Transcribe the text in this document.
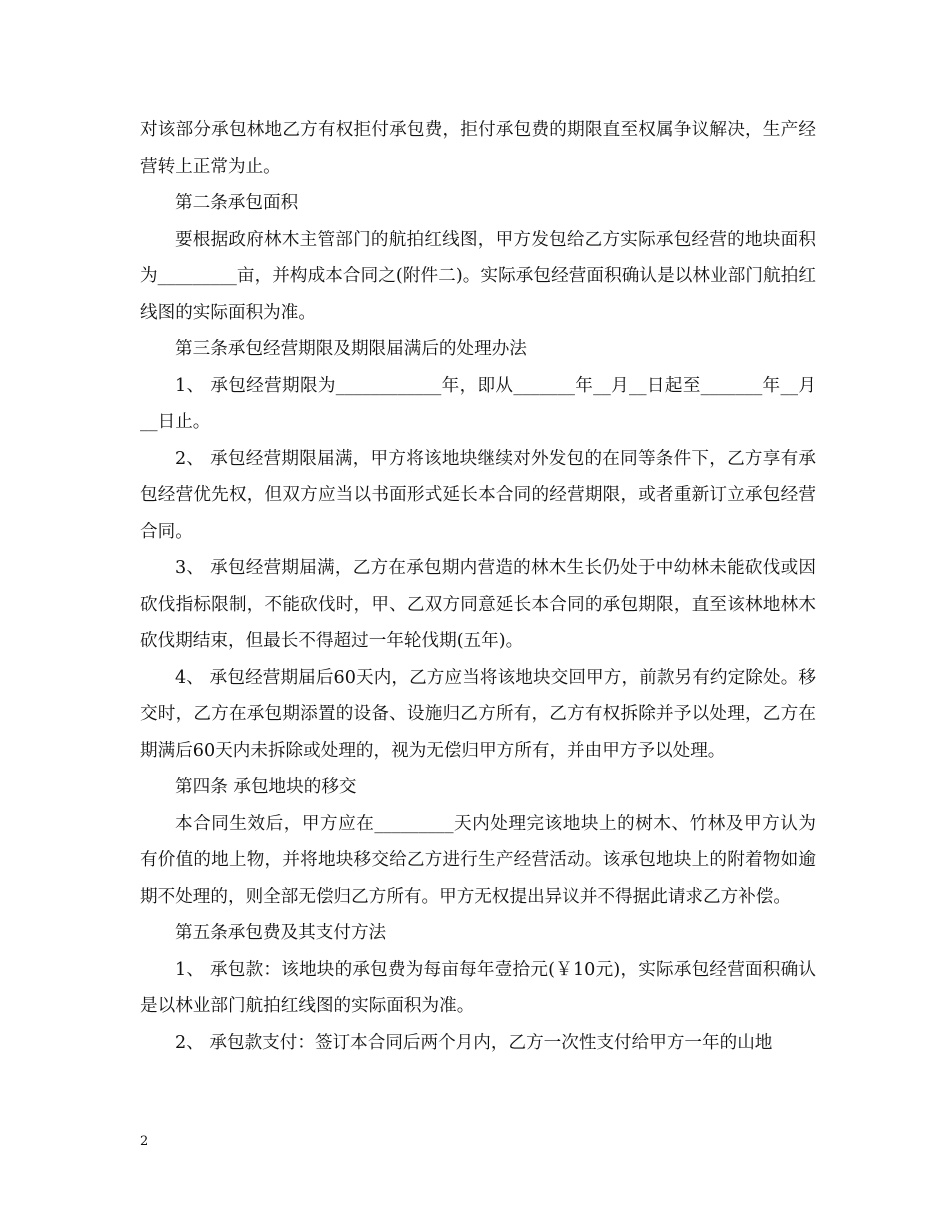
对该部分承包林地乙方有权拒付承包费，拒付承包费的期限直至权属争议解决，生产经营转上正常为止。

第二条承包面积

要根据政府林木主管部门的航拍红线图，甲方发包给乙方实际承包经营的地块面积为_________亩，并构成本合同之(附件二)。实际承包经营面积确认是以林业部门航拍红线图的实际面积为准。

第三条承包经营期限及期限届满后的处理办法

1、 承包经营期限为____________年，即从_______年__月__日起至_______年__月__日止。

2、 承包经营期限届满，甲方将该地块继续对外发包的在同等条件下，乙方享有承包经营优先权，但双方应当以书面形式延长本合同的经营期限，或者重新订立承包经营合同。

3、 承包经营期届满，乙方在承包期内营造的林木生长仍处于中幼林未能砍伐或因砍伐指标限制，不能砍伐时，甲、乙双方同意延长本合同的承包期限，直至该林地林木砍伐期结束，但最长不得超过一年轮伐期(五年)。

4、 承包经营期届后60天内，乙方应当将该地块交回甲方，前款另有约定除处。移交时，乙方在承包期添置的设备、设施归乙方所有，乙方有权拆除并予以处理，乙方在期满后60天内未拆除或处理的，视为无偿归甲方所有，并由甲方予以处理。

第四条 承包地块的移交

本合同生效后，甲方应在_________天内处理完该地块上的树木、竹林及甲方认为有价值的地上物，并将地块移交给乙方进行生产经营活动。该承包地块上的附着物如逾期不处理的，则全部无偿归乙方所有。甲方无权提出异议并不得据此请求乙方补偿。

第五条承包费及其支付方法

1、 承包款：该地块的承包费为每亩每年壹拾元(￥10元)，实际承包经营面积确认是以林业部门航拍红线图的实际面积为准。

2、 承包款支付：签订本合同后两个月内，乙方一次性支付给甲方一年的山地

2
